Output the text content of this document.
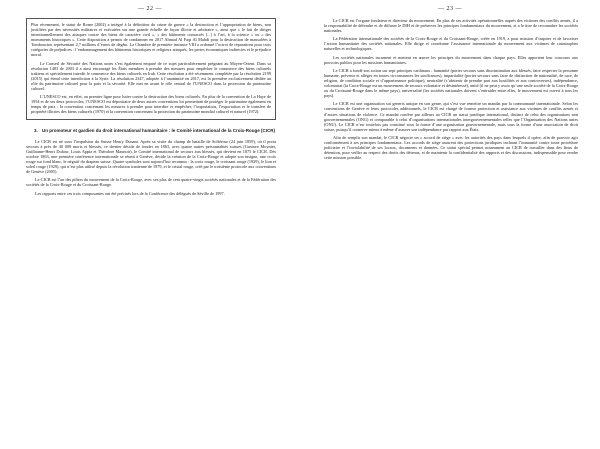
— 22 —

Plus récemment, le statut de Rome (2002) a intégré à la définition du crime de guerre « la destruction et l’appropriation de biens, non justifiées par des nécessités militaires et exécutées sur une grande échelle de façon illicite et arbitraire », ainsi que « le fait de diriger intentionnellement des attaques contre des biens de caractère civil », « des bâtiments consacrés [...] à l’art, à la science » ou « des monuments historiques ». Cette disposition a permis de condamner en 2017 Ahmad Al Faqi Al Mahdi pour la destruction de mausolées à Tombouctou représentant 2,7 millions d’euros de dégâts. La Chambre de première instance VIII a ordonné l’octroi de réparations pour trois catégories de préjudices : l’endommagement des bâtiments historiques et religieux attaqués, les pertes économiques indirectes et le préjudice moral.

Le Conseil de Sécurité des Nations unies s’est également emparé de ce sujet particulièrement prégnant au Moyen-Orient. Dans sa résolution 1483 de 2003 il a ainsi encouragé les États membres à prendre des mesures pour empêcher le commerce des biens culturels irakiens et spécialement interdit le commerce des biens culturels en Irak. Cette résolution a été récemment complétée par la résolution 2199 (2015) qui étend cette interdiction à la Syrie. La résolution 2347, adoptée à l’unanimité en 2017, est la première exclusivement dédiée au rôle du patrimoine culturel pour la paix et la sécurité. Elle met en avant le rôle central de l’UNESCO dans la protection du patrimoine culturel.

L’UNESCO est, en effet, au premier ligne pour lutter contre la destruction des biens culturels. En plus de la convention de La Haye de 1954 et de ses deux protocoles, l’UNESCO est dépositaire de deux autres conventions lui permettant de protéger le patrimoine également en temps de paix : la convention concernant les mesures à prendre pour interdire et empêcher, l’importation, l’exportation et le transfert de propriété illicites des biens culturels (1970) et la convention concernant la protection du patrimoine mondial culturel et naturel (1972).

3. Un promoteur et gardien du droit international humanitaire : le Comité international de la Croix-Rouge (CICR)

Le CICR est né sous l’impulsion du Suisse Henry Dunant. Après sa visite du champ de bataille de Solférino (24 juin 1859), où il porta secours à près de 40 000 morts et blessés, ce dernier décide de fonder en 1863, avec quatre autres personnalités suisses (Gustave Moynier, Guillaume-Henri Dufour, Louis Appia et Théodore Maunoir), le Comité international de secours aux blessés, qui devient en 1875 le CICR. Dès octobre 1863, une première conférence internationale se réunit à Genève, décide la création de la Croix-Rouge et adopte son insigne, une croix rouge sur fond blanc, le négatif du drapeau suisse. Quatre symboles sont aujourd’hui reconnus : la croix rouge, le croissant rouge (1929), le lion et soleil rouge (1929), qui n’est plus utilisé depuis la révolution iranienne de 1979, et le cristal rouge, créé par le troisième protocole aux conventions de Genève (2005).

Le CICR est l’un des piliers du mouvement de la Croix-Rouge, avec ses plus de cent quatre-vingts sociétés nationales et de la Fédération des sociétés de la Croix-Rouge et du Croissant-Rouge.

Les rapports entre ces trois composantes ont été précisés lors de la Conférence des délégués de Séville de 1997.

— 23 —

Le CICR est l’organe fondateur et directeur du mouvement. En plus de ses activités opérationnelles auprès des victimes des conflits armés, il a la responsabilité de défendre et de diffuser le DIH et de préserver les principes fondamentaux du mouvement, et a le titre de reconnaître les sociétés nationales.

La Fédération internationale des sociétés de la Croix-Rouge et du Croissant-Rouge, créée en 1919, a pour mission d’inspirer et de favoriser l’action humanitaire des sociétés nationales. Elle dirige et coordonne l’assistance internationale du mouvement aux victimes de catastrophes naturelles et technologiques.

Les sociétés nationales incarnent et mettent en œuvre les principes du mouvement dans chaque pays. Elles apportent leur concours aux pouvoirs publics pour les missions humanitaires.

Le CICR a fondé son action sur sept principes cardinaux : humanité (porter secours sans discrimination aux blessés, faire respecter la personne humaine, prévenir et alléger en toutes circonstances les souffrances), impartialité (porter secours sans faire de distinction de nationalité, de race, de religion, de condition sociale et d’appartenance politique), neutralité (s’abstenir de prendre part aux hostilités et aux controverses), indépendance, volontariat (la Croix-Rouge est un mouvement de secours volontaire et désintéressé), unité (il ne peut y avoir qu’une seule société de la Croix-Rouge ou du Croissant-Rouge dans le même pays), universalité (les sociétés nationales doivent s’entraider entre elles, le mouvement est ouvert à tous les pays).

Le CICR est une organisation sui generis unique en son genre, qui s’est vue remettre un mandat par la communauté internationale. Selon les conventions de Genève et leurs protocoles additionnels, le CICR est chargé de fournir protection et assistance aux victimes de conflits armés et d’autres situations de violence. Ce mandat confère par ailleurs au CICR un statut juridique international, distinct de celui des organisations non gouvernementales (ONG) et comparable à celui d’organisations internationales intergouvernementales telles que l’Organisation des Nations unies (ONU). Le CICR n’est toutefois pas constitué sous la forme d’une organisation gouvernementale, mais sous la forme d’une association de droit suisse, puisqu’il conserve mieux à même d’assurer son indépendance par rapport aux États.

Afin de remplir son mandat, le CICR négocie un « accord de siège » avec les autorités des pays dans lesquels il opère, afin de pouvoir agir conformément à ses principes fondamentaux. Les accords de siège assurent des protections juridiques incluant l’immunité contre toute procédure judiciaire et l’inviolabilité de ses locaux, documents et données. Ce statut spécial permet notamment au CICR de travailler dans des lieux de détention, pour veiller au respect des droits des détenus, et de maintenir la confidentialité des rapports et des discussions, indispensable pour rendre cette mission possible.
